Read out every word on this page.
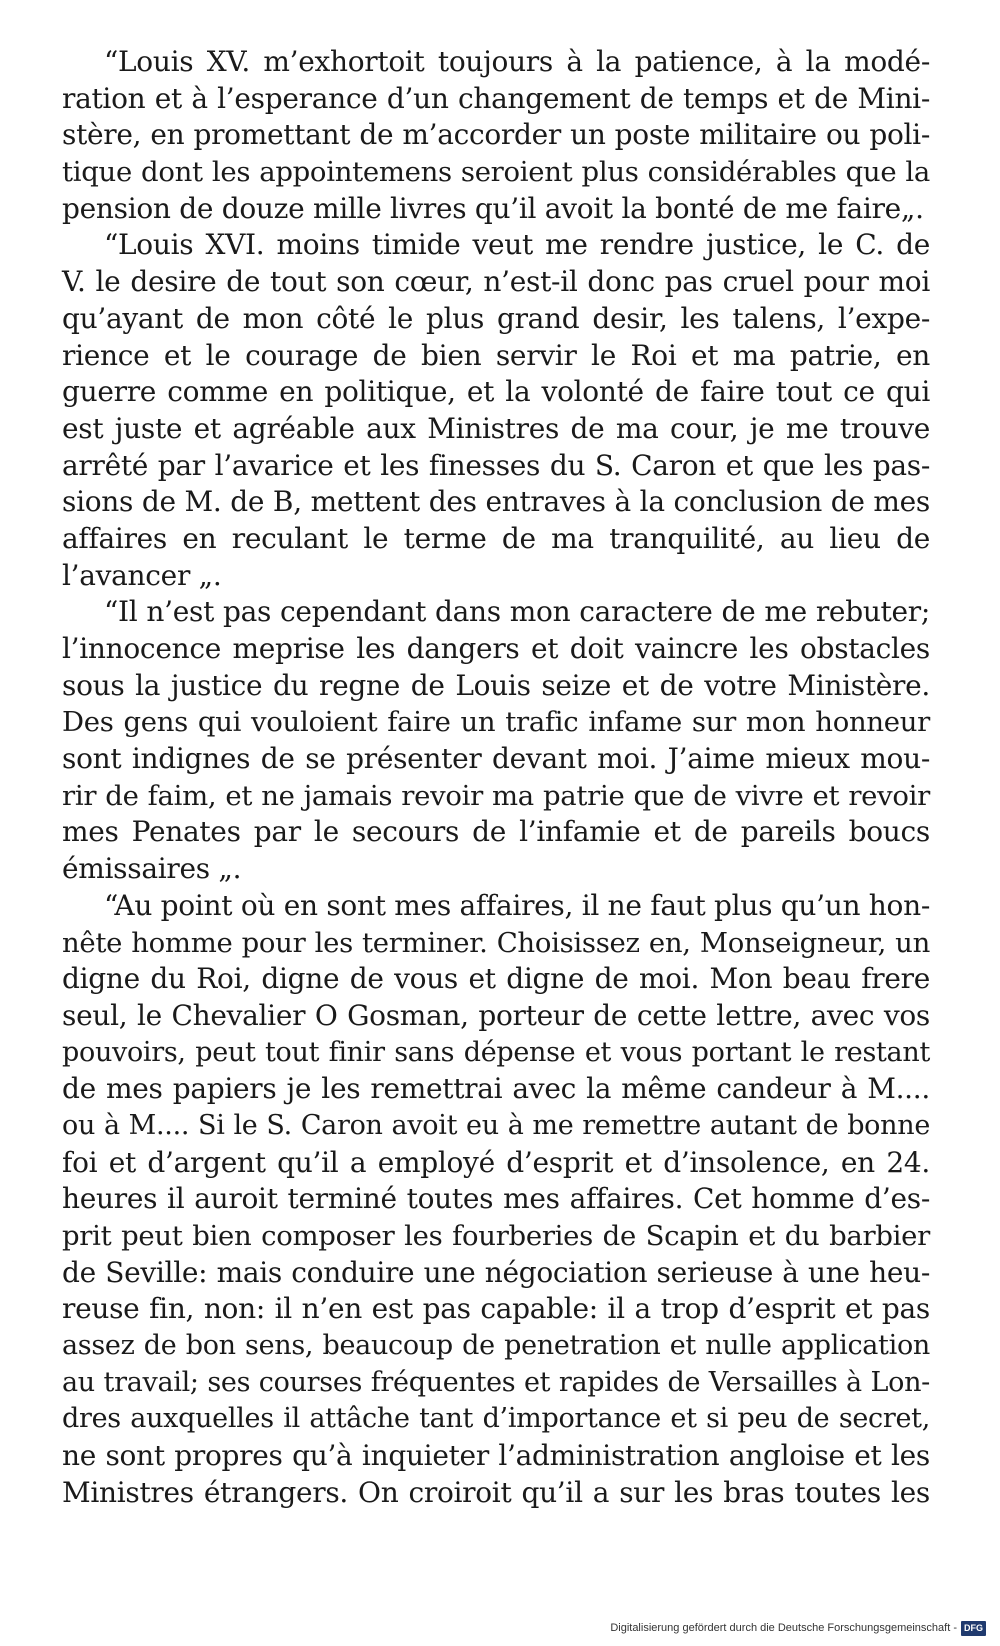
“Louis XV. m’exhortoit toujours à la patience, à la modé-
ration et à l’esperance d’un changement de temps et de Mini-
stère, en promettant de m’accorder un poste militaire ou poli-
tique dont les appointemens seroient plus considérables que la
pension de douze mille livres qu’il avoit la bonté de me faire„.
“Louis XVI. moins timide veut me rendre justice, le C. de
V. le desire de tout son cœur, n’est-il donc pas cruel pour moi
qu’ayant de mon côté le plus grand desir, les talens, l’expe-
rience et le courage de bien servir le Roi et ma patrie, en
guerre comme en politique, et la volonté de faire tout ce qui
est juste et agréable aux Ministres de ma cour, je me trouve
arrêté par l’avarice et les finesses du S. Caron et que les pas-
sions de M. de B, mettent des entraves à la conclusion de mes
affaires en reculant le terme de ma tranquilité, au lieu de
l’avancer „.
“Il n’est pas cependant dans mon caractere de me rebuter;
l’innocence meprise les dangers et doit vaincre les obstacles
sous la justice du regne de Louis seize et de votre Ministère.
Des gens qui vouloient faire un trafic infame sur mon honneur
sont indignes de se présenter devant moi. J’aime mieux mou-
rir de faim, et ne jamais revoir ma patrie que de vivre et revoir
mes Penates par le secours de l’infamie et de pareils boucs
émissaires „.
“Au point où en sont mes affaires, il ne faut plus qu’un hon-
nête homme pour les terminer. Choisissez en, Monseigneur, un
digne du Roi, digne de vous et digne de moi. Mon beau frere
seul, le Chevalier O Gosman, porteur de cette lettre, avec vos
pouvoirs, peut tout finir sans dépense et vous portant le restant
de mes papiers je les remettrai avec la même candeur à M....
ou à M.... Si le S. Caron avoit eu à me remettre autant de bonne
foi et d’argent qu’il a employé d’esprit et d’insolence, en 24.
heures il auroit terminé toutes mes affaires. Cet homme d’es-
prit peut bien composer les fourberies de Scapin et du barbier
de Seville: mais conduire une négociation serieuse à une heu-
reuse fin, non: il n’en est pas capable: il a trop d’esprit et pas
assez de bon sens, beaucoup de penetration et nulle application
au travail; ses courses fréquentes et rapides de Versailles à Lon-
dres auxquelles il attâche tant d’importance et si peu de secret,
ne sont propres qu’à inquieter l’administration angloise et les
Ministres étrangers. On croiroit qu’il a sur les bras toutes les
Digitalisierung gefördert durch die Deutsche Forschungsgemeinschaft - DFG
